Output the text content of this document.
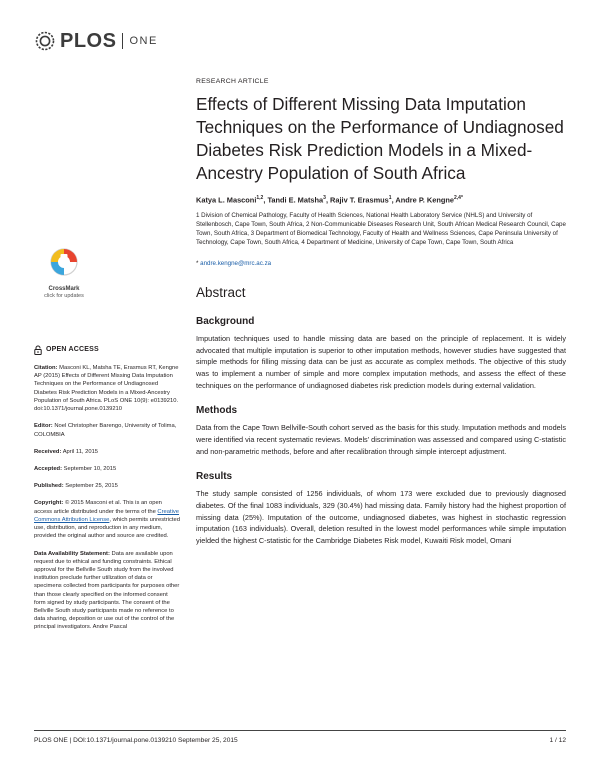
PLOS ONE
CrossMark
click for updates
OPEN ACCESS

Citation: Masconi KL, Matsha TE, Erasmus RT, Kengne AP (2015) Effects of Different Missing Data Imputation Techniques on the Performance of Undiagnosed Diabetes Risk Prediction Models in a Mixed-Ancestry Population of South Africa. PLoS ONE 10(9): e0139210. doi:10.1371/journal.pone.0139210

Editor: Noel Christopher Barengo, University of Tolima, COLOMBIA

Received: April 11, 2015

Accepted: September 10, 2015

Published: September 25, 2015

Copyright: © 2015 Masconi et al. This is an open access article distributed under the terms of the Creative Commons Attribution License, which permits unrestricted use, distribution, and reproduction in any medium, provided the original author and source are credited.

Data Availability Statement: Data are available upon request due to ethical and funding constraints. Ethical approval for the Bellville South study from the involved institution preclude further utilization of data or specimens collected from participants for purposes other than those clearly specified on the informed consent form signed by study participants. The consent of the Bellville South study participants made no reference to data sharing, deposition or use out of the control of the principal investigators. Andre Pascal

RESEARCH ARTICLE
Effects of Different Missing Data Imputation Techniques on the Performance of Undiagnosed Diabetes Risk Prediction Models in a Mixed-Ancestry Population of South Africa
Katya L. Masconi$^{1,2}$, Tandi E. Matsha$^3$, Rajiv T. Erasmus$^1$, Andre P. Kengne$^{2,4*}$
1 Division of Chemical Pathology, Faculty of Health Sciences, National Health Laboratory Service (NHLS) and University of Stellenbosch, Cape Town, South Africa, 2 Non-Communicable Diseases Research Unit, South African Medical Research Council, Cape Town, South Africa, 3 Department of Biomedical Technology, Faculty of Health and Wellness Sciences, Cape Peninsula University of Technology, Cape Town, South Africa, 4 Department of Medicine, University of Cape Town, Cape Town, South Africa
* andre.kengne@mrc.ac.za
Abstract
Background

Imputation techniques used to handle missing data are based on the principle of replacement. It is widely advocated that multiple imputation is superior to other imputation methods, however studies have suggested that simple methods for filling missing data can be just as accurate as complex methods. The objective of this study was to implement a number of simple and more complex imputation methods, and assess the effect of these techniques on the performance of undiagnosed diabetes risk prediction models during external validation.

Methods

Data from the Cape Town Bellville-South cohort served as the basis for this study. Imputation methods and models were identified via recent systematic reviews. Models' discrimination was assessed and compared using C-statistic and non-parametric methods, before and after recalibration through simple intercept adjustment.

Results

The study sample consisted of 1256 individuals, of whom 173 were excluded due to previously diagnosed diabetes. Of the final 1083 individuals, 329 (30.4%) had missing data. Family history had the highest proportion of missing data (25%). Imputation of the outcome, undiagnosed diabetes, was highest in stochastic regression imputation (163 individuals). Overall, deletion resulted in the lowest model performances while simple imputation yielded the highest C-statistic for the Cambridge Diabetes Risk model, Kuwaiti Risk model, Omani

PLOS ONE | DOI:10.1371/journal.pone.0139210 September 25, 2015	1 / 12
